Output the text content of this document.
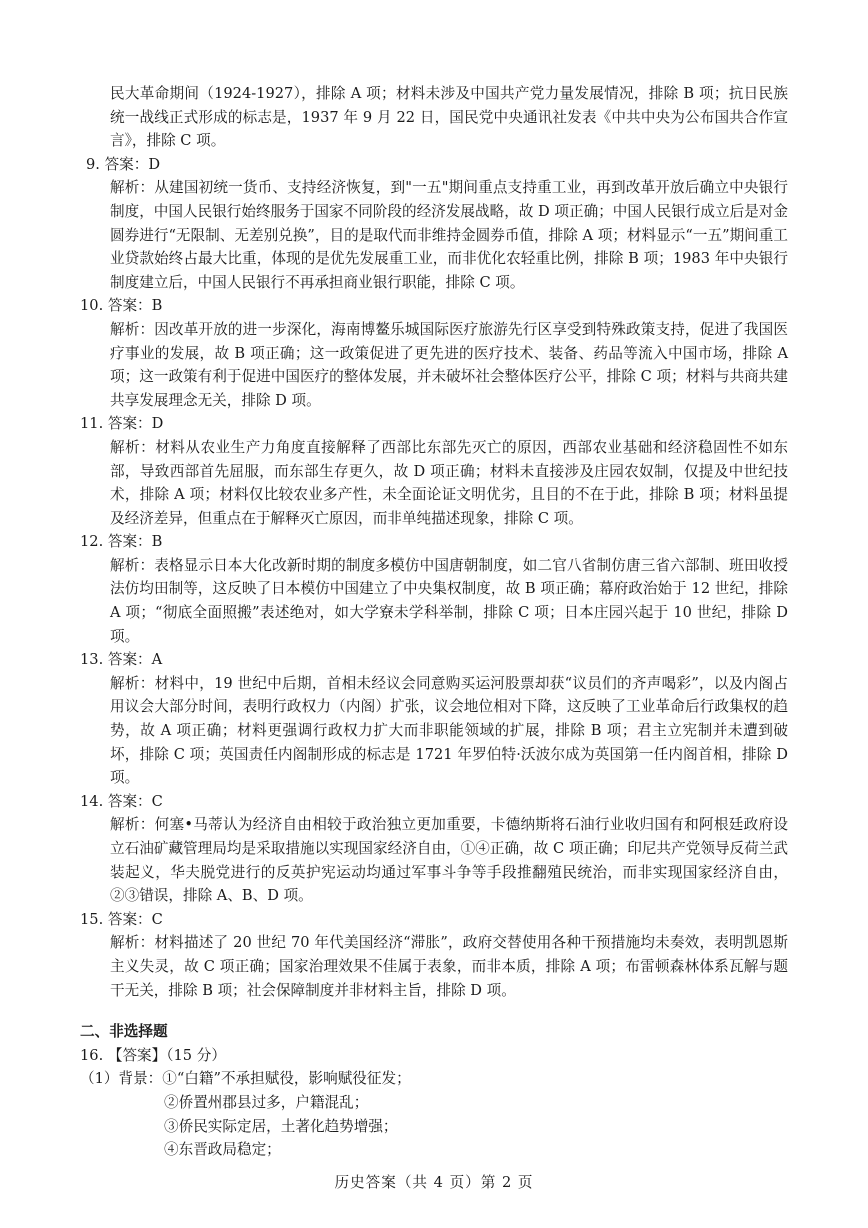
民大革命期间（1924-1927），排除 A 项；材料未涉及中国共产党力量发展情况，排除 B 项；抗日民族统一战线正式形成的标志是，1937 年 9 月 22 日，国民党中央通讯社发表《中共中央为公布国共合作宣言》，排除 C 项。

9. 答案：D

解析：从建国初统一货币、支持经济恢复，到"一五"期间重点支持重工业，再到改革开放后确立中央银行制度，中国人民银行始终服务于国家不同阶段的经济发展战略，故 D 项正确；中国人民银行成立后是对金圆券进行“无限制、无差别兑换”，目的是取代而非维持金圆券币值，排除 A 项；材料显示“一五”期间重工业贷款始终占最大比重，体现的是优先发展重工业，而非优化农轻重比例，排除 B 项；1983 年中央银行制度建立后，中国人民银行不再承担商业银行职能，排除 C 项。

10. 答案：B

解析：因改革开放的进一步深化，海南博鳌乐城国际医疗旅游先行区享受到特殊政策支持，促进了我国医疗事业的发展，故 B 项正确；这一政策促进了更先进的医疗技术、装备、药品等流入中国市场，排除 A 项；这一政策有利于促进中国医疗的整体发展，并未破坏社会整体医疗公平，排除 C 项；材料与共商共建共享发展理念无关，排除 D 项。

11. 答案：D

解析：材料从农业生产力角度直接解释了西部比东部先灭亡的原因，西部农业基础和经济稳固性不如东部，导致西部首先屈服，而东部生存更久，故 D 项正确；材料未直接涉及庄园农奴制，仅提及中世纪技术，排除 A 项；材料仅比较农业多产性，未全面论证文明优劣，且目的不在于此，排除 B 项；材料虽提及经济差异，但重点在于解释灭亡原因，而非单纯描述现象，排除 C 项。

12. 答案：B

解析：表格显示日本大化改新时期的制度多模仿中国唐朝制度，如二官八省制仿唐三省六部制、班田收授法仿均田制等，这反映了日本模仿中国建立了中央集权制度，故 B 项正确；幕府政治始于 12 世纪，排除 A 项；“彻底全面照搬”表述绝对，如大学寮未学科举制，排除 C 项；日本庄园兴起于 10 世纪，排除 D 项。

13. 答案：A

解析：材料中，19 世纪中后期，首相未经议会同意购买运河股票却获“议员们的齐声喝彩”，以及内阁占用议会大部分时间，表明行政权力（内阁）扩张，议会地位相对下降，这反映了工业革命后行政集权的趋势，故 A 项正确；材料更强调行政权力扩大而非职能领域的扩展，排除 B 项；君主立宪制并未遭到破坏，排除 C 项；英国责任内阁制形成的标志是 1721 年罗伯特·沃波尔成为英国第一任内阁首相，排除 D 项。

14. 答案：C

解析：何塞•马蒂认为经济自由相较于政治独立更加重要，卡德纳斯将石油行业收归国有和阿根廷政府设立石油矿藏管理局均是采取措施以实现国家经济自由，①④正确，故 C 项正确；印尼共产党领导反荷兰武装起义，华夫脱党进行的反英护宪运动均通过军事斗争等手段推翻殖民统治，而非实现国家经济自由，②③错误，排除 A、B、D 项。

15. 答案：C

解析：材料描述了 20 世纪 70 年代美国经济“滞胀”，政府交替使用各种干预措施均未奏效，表明凯恩斯主义失灵，故 C 项正确；国家治理效果不佳属于表象，而非本质，排除 A 项；布雷顿森林体系瓦解与题干无关，排除 B 项；社会保障制度并非材料主旨，排除 D 项。

二、非选择题

16. 【答案】（15 分）

（1）背景：①“白籍”不承担赋役，影响赋役征发；

②侨置州郡县过多，户籍混乱；

③侨民实际定居，土著化趋势增强；

④东晋政局稳定；

历史答案（共 4 页）第 2 页
